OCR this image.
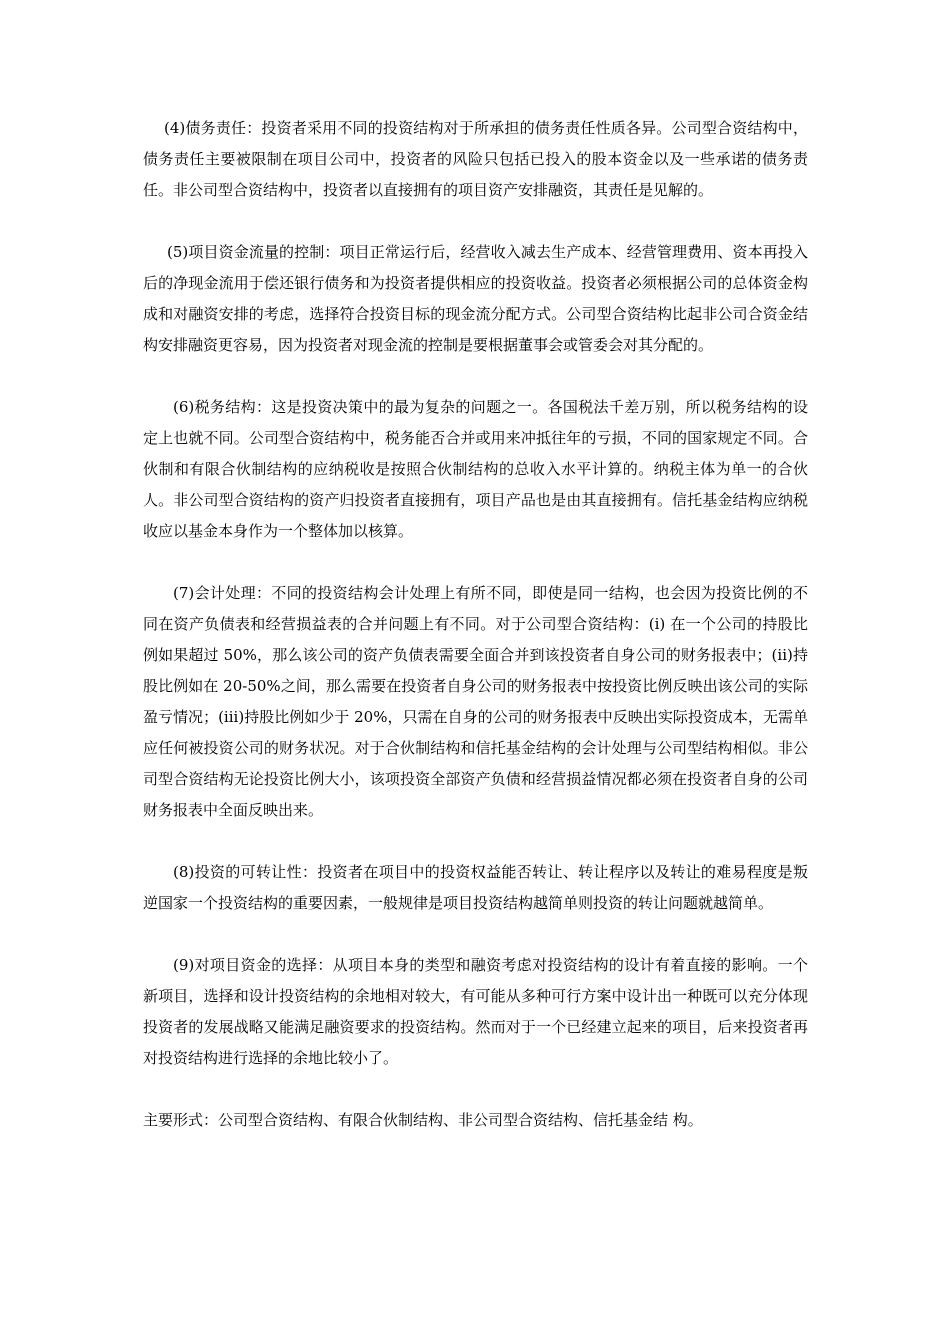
(4)债务责任：投资者采用不同的投资结构对于所承担的债务责任性质各异。公司型合资结构中，债务责任主要被限制在项目公司中，投资者的风险只包括已投入的股本资金以及一些承诺的债务责任。非公司型合资结构中，投资者以直接拥有的项目资产安排融资，其责任是见解的。

(5)项目资金流量的控制：项目正常运行后，经营收入减去生产成本、经营管理费用、资本再投入后的净现金流用于偿还银行债务和为投资者提供相应的投资收益。投资者必须根据公司的总体资金构成和对融资安排的考虑，选择符合投资目标的现金流分配方式。公司型合资结构比起非公司合资金结构安排融资更容易，因为投资者对现金流的控制是要根据董事会或管委会对其分配的。

(6)税务结构：这是投资决策中的最为复杂的问题之一。各国税法千差万别，所以税务结构的设定上也就不同。公司型合资结构中，税务能否合并或用来冲抵往年的亏损，不同的国家规定不同。合伙制和有限合伙制结构的应纳税收是按照合伙制结构的总收入水平计算的。纳税主体为单一的合伙人。非公司型合资结构的资产归投资者直接拥有，项目产品也是由其直接拥有。信托基金结构应纳税收应以基金本身作为一个整体加以核算。

(7)会计处理：不同的投资结构会计处理上有所不同，即使是同一结构，也会因为投资比例的不同在资产负债表和经营损益表的合并问题上有不同。对于公司型合资结构：(i) 在一个公司的持股比例如果超过 50%，那么该公司的资产负债表需要全面合并到该投资者自身公司的财务报表中；(ii)持股比例如在 20-50%之间，那么需要在投资者自身公司的财务报表中按投资比例反映出该公司的实际盈亏情况；(iii)持股比例如少于 20%，只需在自身的公司的财务报表中反映出实际投资成本，无需单应任何被投资公司的财务状况。对于合伙制结构和信托基金结构的会计处理与公司型结构相似。非公司型合资结构无论投资比例大小，该项投资全部资产负债和经营损益情况都必须在投资者自身的公司财务报表中全面反映出来。

(8)投资的可转让性：投资者在项目中的投资权益能否转让、转让程序以及转让的难易程度是叛逆国家一个投资结构的重要因素，一般规律是项目投资结构越简单则投资的转让问题就越简单。

(9)对项目资金的选择：从项目本身的类型和融资考虑对投资结构的设计有着直接的影响。一个新项目，选择和设计投资结构的余地相对较大，有可能从多种可行方案中设计出一种既可以充分体现投资者的发展战略又能满足融资要求的投资结构。然而对于一个已经建立起来的项目，后来投资者再对投资结构进行选择的余地比较小了。

主要形式：公司型合资结构、有限合伙制结构、非公司型合资结构、信托基金结 构。
